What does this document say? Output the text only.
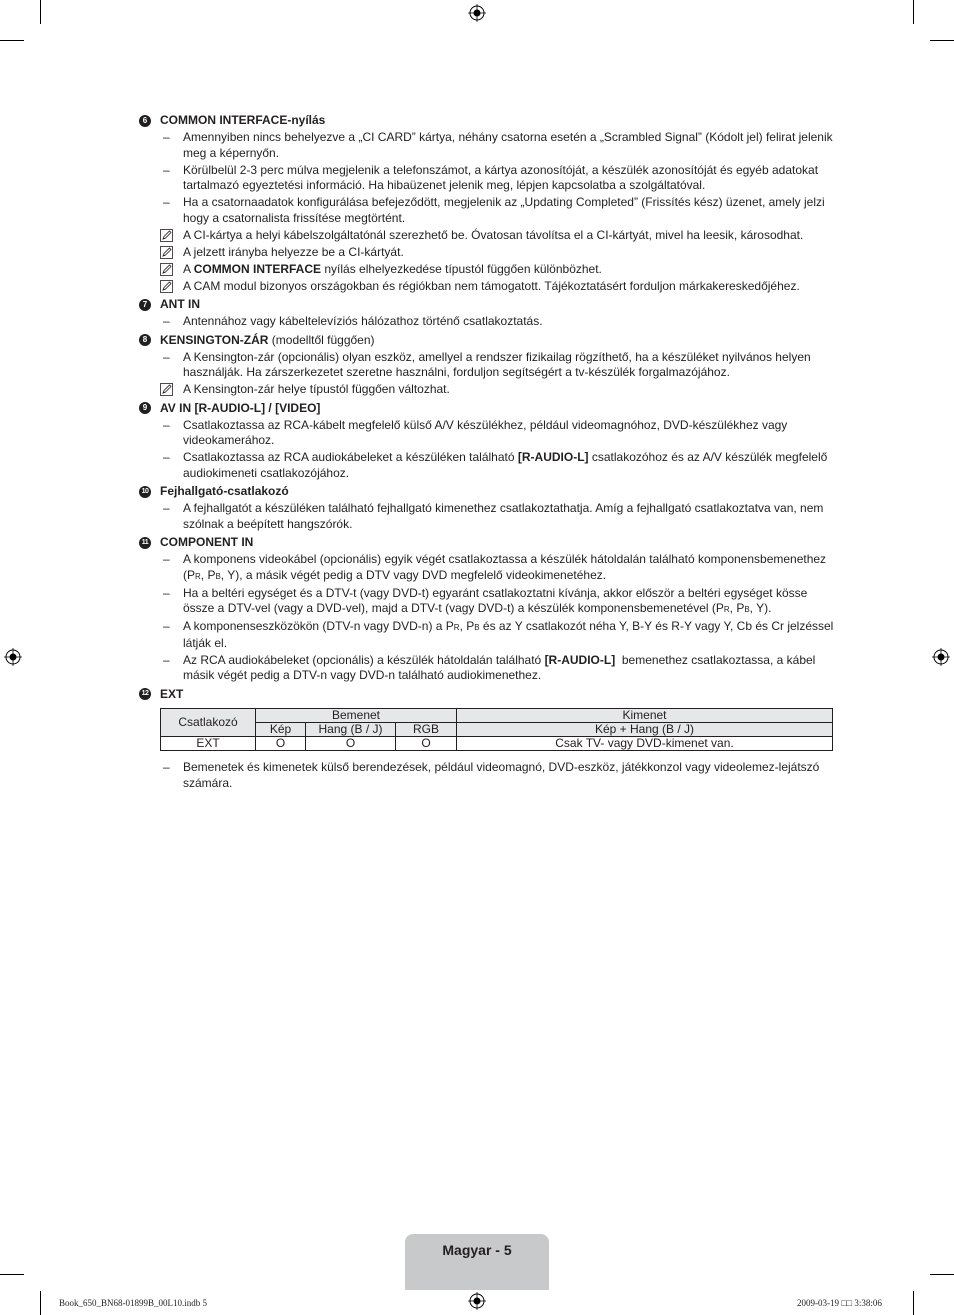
6	COMMON INTERFACE-nyílás
–	Amennyiben nincs behelyezve a „CI CARD” kártya, néhány csatorna esetén a „Scrambled Signal” (Kódolt jel) felirat jelenik meg a képernyőn.
–	Körülbelül 2-3 perc múlva megjelenik a telefonszámot, a kártya azonosítóját, a készülék azonosítóját és egyéb adatokat tartalmazó egyeztetési információ. Ha hibaüzenet jelenik meg, lépjen kapcsolatba a szolgáltatóval.
–	Ha a csatornaadatok konfigurálása befejeződött, megjelenik az „Updating Completed” (Frissítés kész) üzenet, amely jelzi hogy a csatornalista frissítése megtörtént.
A CI-kártya a helyi kábelszolgáltatónál szerezhető be. Óvatosan távolítsa el a CI-kártyát, mivel ha leesik, károsodhat.
A jelzett irányba helyezze be a CI-kártyát.
A COMMON INTERFACE nyílás elhelyezkedése típustól függően különbözhet.
A CAM modul bizonyos országokban és régiókban nem támogatott. Tájékoztatásért forduljon márkakereskedőjéhez.
7	ANT IN
–	Antennához vagy kábeltelevíziós hálózathoz történő csatlakoztatás.
8	KENSINGTON-ZÁR (modelltől függően)
–	A Kensington-zár (opcionális) olyan eszköz, amellyel a rendszer fizikailag rögzíthető, ha a készüléket nyilvános helyen használják. Ha zárszerkezetet szeretne használni, forduljon segítségért a tv-készülék forgalmazójához.
A Kensington-zár helye típustól függően változhat.
9	AV IN [R-AUDIO-L] / [VIDEO]
–	Csatlakoztassa az RCA-kábelt megfelelő külső A/V készülékhez, például videomagnóhoz, DVD-készülékhez vagy videokamerához.
–	Csatlakoztassa az RCA audiokábeleket a készüléken található [R-AUDIO-L] csatlakozóhoz és az A/V készülék megfelelő audiokimeneti csatlakozójához.
10 Fejhallgató-csatlakozó
–	A fejhallgatót a készüléken található fejhallgató kimenethez csatlakoztathatja. Amíg a fejhallgató csatlakoztatva van, nem szólnak a beépített hangszórók.
11 COMPONENT IN
–	A komponens videokábel (opcionális) egyik végét csatlakoztassa a készülék hátoldalán található komponensbemenethez (PR, PB, Y), a másik végét pedig a DTV vagy DVD megfelelő videokimenetéhez.
–	Ha a beltéri egységet és a DTV-t (vagy DVD-t) egyaránt csatlakoztatni kívánja, akkor először a beltéri egységet kösse össze a DTV-vel (vagy a DVD-vel), majd a DTV-t (vagy DVD-t) a készülék komponensbemenetével (PR, PB, Y).
–	A komponenseszközökön (DTV-n vagy DVD-n) a PR, PB és az Y csatlakozót néha Y, B-Y és R-Y vagy Y, Cb és Cr jelzéssel látják el.
–	Az RCA audiokábeleket (opcionális) a készülék hátoldalán található [R-AUDIO-L]  bemenethez csatlakoztassa, a kábel másik végét pedig a DTV-n vagy DVD-n található audiokimenethez.
12 EXT
Csatlakozó	Bemenet			Kimenet
	Kép	Hang (B / J)	RGB	Kép + Hang (B / J)
EXT	O	O	O	Csak TV- vagy DVD-kimenet van.
–	Bemenetek és kimenetek külső berendezések, például videomagnó, DVD-eszköz, játékkonzol vagy videolemez-lejátszó számára.
Magyar - 5
Book_650_BN68-01899B_00L10.indb 5	2009-03-19 □□ 3:38:06
